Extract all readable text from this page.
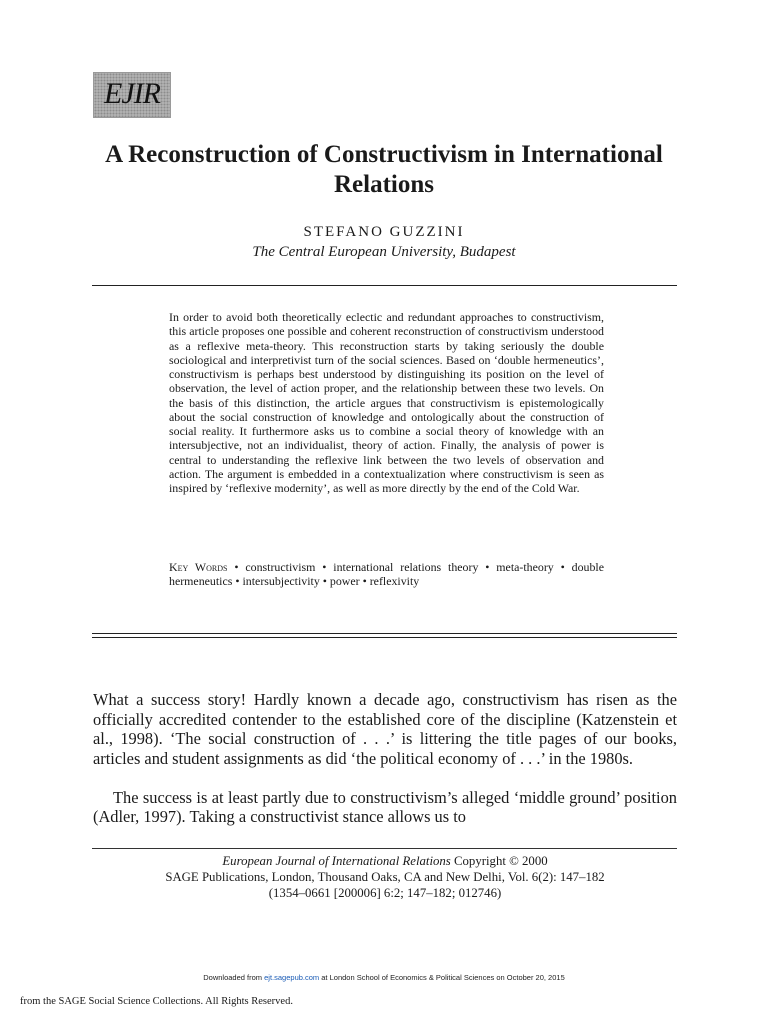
EJIR
A Reconstruction of Constructivism in International Relations
STEFANO GUZZINI
The Central European University, Budapest

In order to avoid both theoretically eclectic and redundant approaches to constructivism, this article proposes one possible and coherent reconstruction of constructivism understood as a reflexive meta-theory. This reconstruction starts by taking seriously the double sociological and interpretivist turn of the social sciences. Based on ‘double hermeneutics’, constructivism is perhaps best understood by distinguishing its position on the level of observation, the level of action proper, and the relationship between these two levels. On the basis of this distinction, the article argues that constructivism is epistemologically about the social construction of knowledge and ontologically about the construction of social reality. It furthermore asks us to combine a social theory of knowledge with an intersubjective, not an individualist, theory of action. Finally, the analysis of power is central to understanding the reflexive link between the two levels of observation and action. The argument is embedded in a contextualization where constructivism is seen as inspired by ‘reflexive modernity’, as well as more directly by the end of the Cold War.

Key Words • constructivism • international relations theory • meta-theory • double hermeneutics • intersubjectivity • power • reflexivity

What a success story! Hardly known a decade ago, constructivism has risen as the officially accredited contender to the established core of the discipline (Katzenstein et al., 1998). ‘The social construction of . . .’ is littering the title pages of our books, articles and student assignments as did ‘the political economy of . . .’ in the 1980s.

The success is at least partly due to constructivism’s alleged ‘middle ground’ position (Adler, 1997). Taking a constructivist stance allows us to

European Journal of International Relations Copyright © 2000
SAGE Publications, London, Thousand Oaks, CA and New Delhi, Vol. 6(2): 147–182
(1354–0661 [200006] 6:2; 147–182; 012746)
Downloaded from ejt.sagepub.com at London School of Economics & Political Sciences on October 20, 2015
from the SAGE Social Science Collections. All Rights Reserved.
